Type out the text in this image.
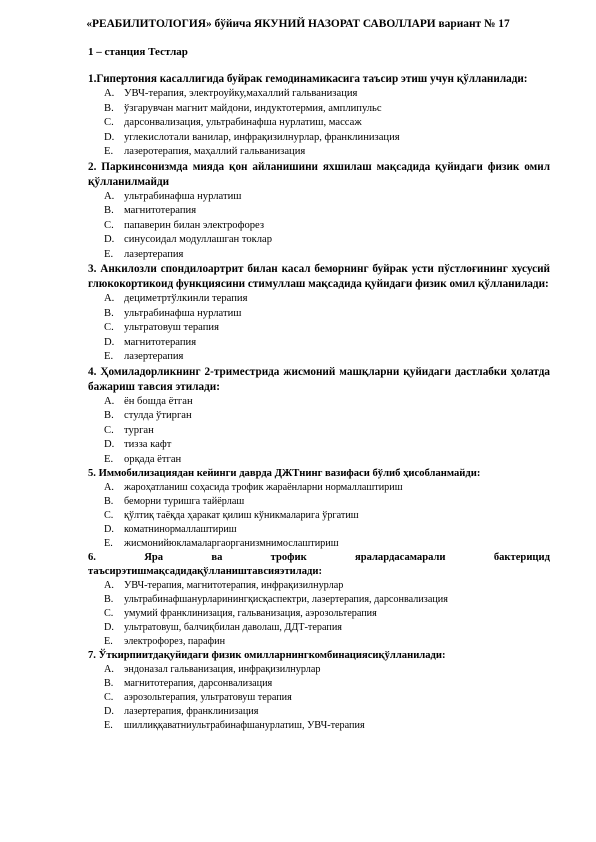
«РЕАБИЛИТОЛОГИЯ» бўйича ЯКУНИЙ НАЗОРАТ САВОЛЛАРИ вариант № 17
1 – станция Тестлар
1.Гипертония касаллигида буйрак гемодинамикасига таъсир этиш учун қўлланилади:
A. УВЧ-терапия, электроуйку,махаллий гальванизация
B. ўзгарувчан магнит майдони, индуктотермия, амплипульс
C. дарсонвализация, ультрабинафша нурлатиш, массаж
D. углекислотали ванилар, инфрақизилнурлар, франклинизация
E.	лазеротерапия, маҳаллий гальванизация
2. Паркинсонизмда мияда қон айланишини яхшилаш мақсадида қуйидаги физик омил қўлланилмайди
A. ультрабинафша нурлатиш
B. магнитотерапия
C. папаверин билан электрофорез
D. синусоидал модуллашган токлар
E.	лазертерапия
3. Анкилозли спондилоартрит билан касал беморнинг буйрак усти пўстлоғининг хусусий глюкокортикоид функциясини стимуллаш мақсадида қуйидаги физик омил қўлланилади:
A. дециметртўлкинли терапия
B. ультрабинафша нурлатиш
C. ультратовуш терапия
D. магнитотерапия
E.	лазертерапия
4. Ҳомиладорликнинг 2-триместрида жисмоний машқларни қуйидаги дастлабки ҳолатда бажариш тавсия этилади:
A. ён бошда ётган
B. стулда ўтирган
C. турган
D. тизза кафт
E.	орқада ётган
5. Иммобилизациядан кейинги даврда ДЖТнинг вазифаси бўлиб ҳисобланмайди:
A. жароҳатланиш соҳасида трофик жараёнларни нормаллаштириш
B.	беморни туришга тайёрлаш
C.	қўлтиқ таёқда ҳаракат қилиш кўникмаларига ўргатиш
D. коматнинормаллаштириш
E.	жисмонийюкламаларгаорганизмнимослаштириш
6. Яра ва трофик яралардасамарали бактерицид таъсирэтишмақсадидақўллаништавсияэтилади:
A. УВЧ-терапия, магнитотерапия, инфрақизилнурлар
B.	ультрабинафшанурларинингқисқаспектри, лазертерапия, дарсонвализация
C.	умумий франклинизация, гальванизация, аэрозольтерапия
D. ультратовуш, балчиқбилан даволаш, ДДТ-терапия
E.	электрофорез, парафин
7. Ўткирпиитдақуйидаги физик омилларнингкомбинациясиқўлланилади:
A. эндоназал гальванизация, инфрақизилнурлар
B.	магнитотерапия, дарсонвализация
C.	аэрозольтерапия, ультратовуш терапия
D. лазертерапия, франклинизация
E.	шиллиққаватниультрабинафшанурлатиш, УВЧ-терапия
